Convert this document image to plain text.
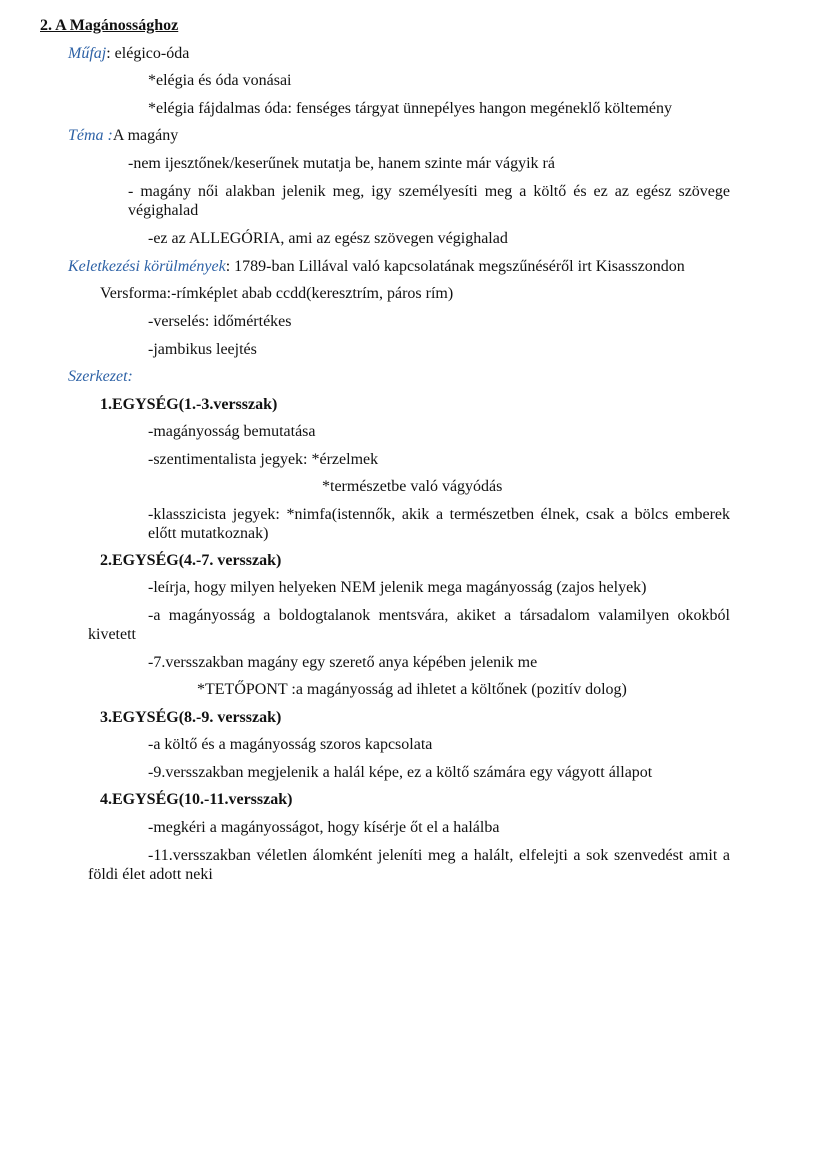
2. A Magánossághoz
Műfaj: elégico-óda
*elégia és óda vonásai
*elégia fájdalmas óda: fenséges tárgyat ünnepélyes hangon megéneklő költemény
Téma :A magány
-nem ijesztőnek/keserűnek mutatja be, hanem szinte már vágyik rá
- magány női alakban jelenik meg, igy személyesíti meg a költő és ez az egész szövege végighalad
-ez az ALLEGÓRIA, ami az egész szövegen végighalad
Keletkezési körülmények: 1789-ban Lillával való kapcsolatának megszűnéséről irt Kisasszondon
Versforma:-rímképlet abab ccdd(keresztrím, páros rím)
-verselés: időmértékes
-jambikus leejtés
Szerkezet:
1.EGYSÉG(1.-3.versszak)
-magányosság bemutatása
-szentimentalista jegyek: *érzelmek
*természetbe való vágyódás
-klasszicista jegyek: *nimfa(istennők, akik a természetben élnek, csak a bölcs emberek előtt mutatkoznak)
2.EGYSÉG(4.-7. versszak)
-leírja, hogy milyen helyeken NEM jelenik mega magányosság (zajos helyek)
-a magányosság a boldogtalanok mentsvára, akiket a társadalom valamilyen okokból kivetett
-7.versszakban magány egy szerető anya képében jelenik me
*TETŐPONT :a magányosság ad ihletet a költőnek (pozitív dolog)
3.EGYSÉG(8.-9. versszak)
-a költő és a magányosság szoros kapcsolata
-9.versszakban megjelenik a halál képe, ez a költő számára egy vágyott állapot
4.EGYSÉG(10.-11.versszak)
-megkéri a magányosságot, hogy kísérje őt el a halálba
-11.versszakban véletlen álomként jeleníti meg a halált, elfelejti a sok szenvedést amit a földi élet adott neki
